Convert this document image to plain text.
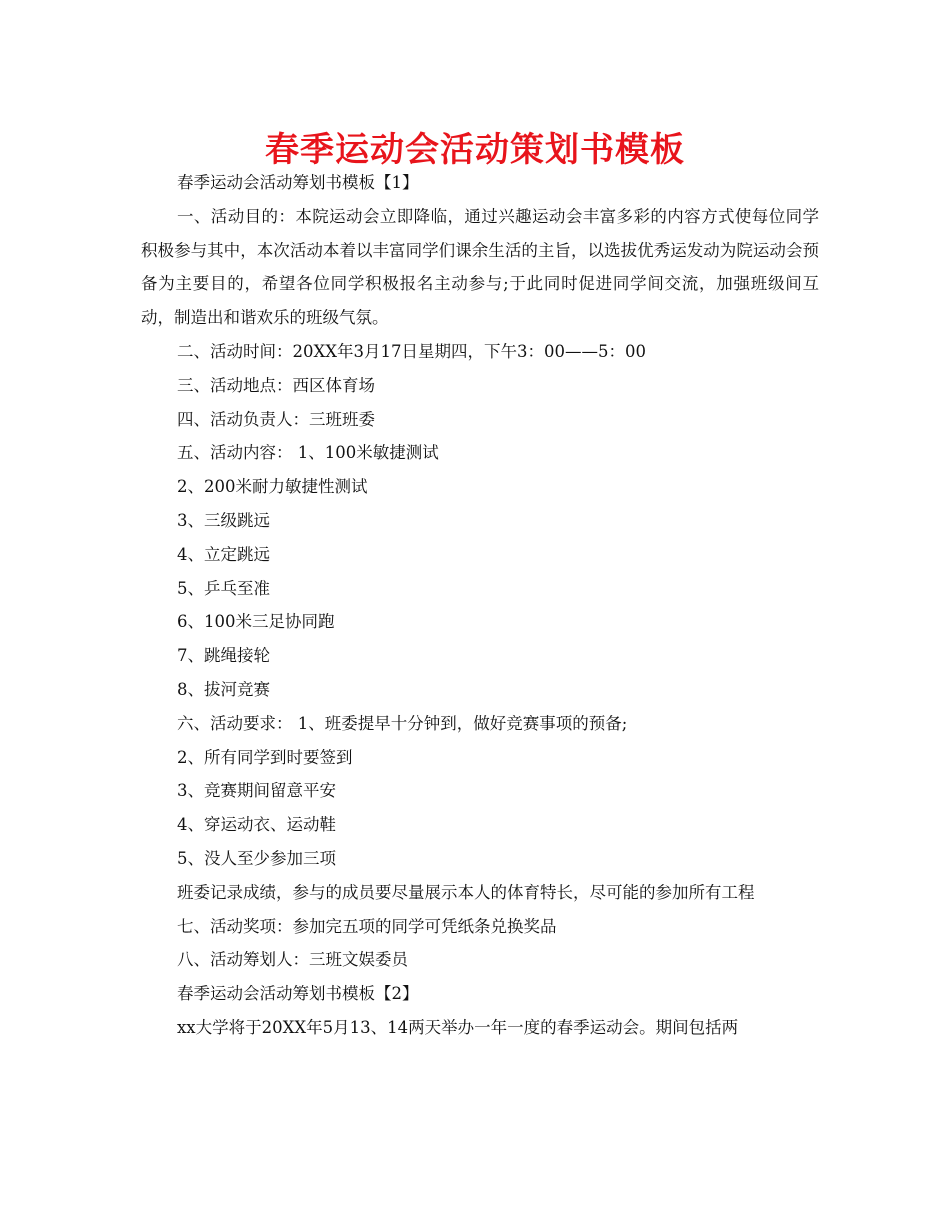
春季运动会活动策划书模板

春季运动会活动筹划书模板【1】

一、活动目的：本院运动会立即降临，通过兴趣运动会丰富多彩的内容方式使每位同学积极参与其中，本次活动本着以丰富同学们课余生活的主旨，以选拔优秀运发动为院运动会预备为主要目的，希望各位同学积极报名主动参与;于此同时促进同学间交流，加强班级间互动，制造出和谐欢乐的班级气氛。

二、活动时间：20XX年3月17日星期四，下午3：00——5：00

三、活动地点：西区体育场

四、活动负责人：三班班委

五、活动内容： 1、100米敏捷测试

2、200米耐力敏捷性测试

3、三级跳远

4、立定跳远

5、乒乓至准

6、100米三足协同跑

7、跳绳接轮

8、拔河竞赛

六、活动要求： 1、班委提早十分钟到，做好竞赛事项的预备;

2、所有同学到时要签到

3、竞赛期间留意平安

4、穿运动衣、运动鞋

5、没人至少参加三项

班委记录成绩，参与的成员要尽量展示本人的体育特长，尽可能的参加所有工程

七、活动奖项：参加完五项的同学可凭纸条兑换奖品

八、活动筹划人：三班文娱委员

春季运动会活动筹划书模板【2】

xx大学将于20XX年5月13、14两天举办一年一度的春季运动会。期间包括两
